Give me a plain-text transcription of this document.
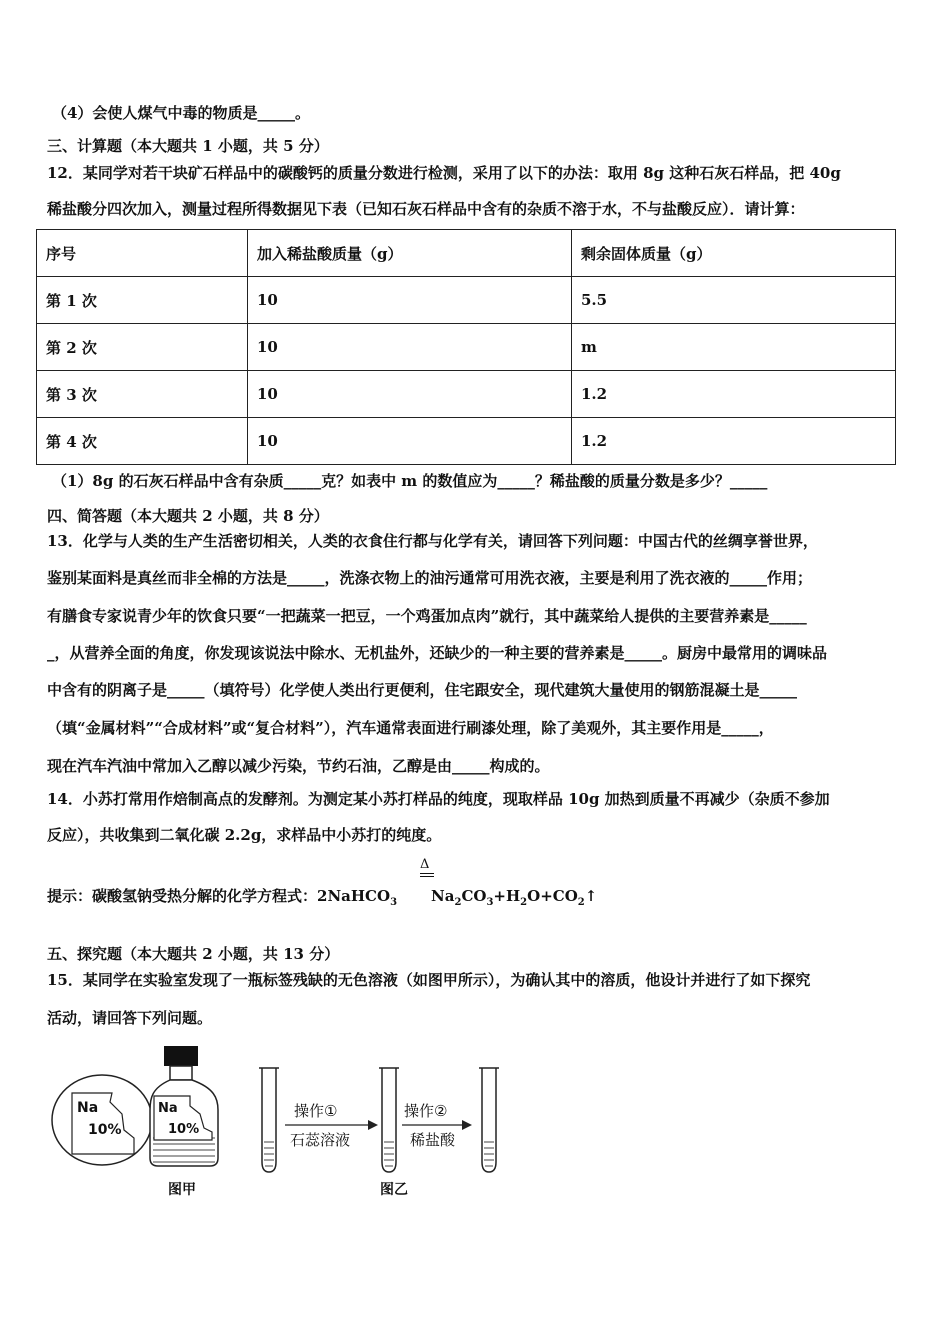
（4）会使人煤气中毒的物质是_____。
三、计算题（本大题共 1 小题，共 5 分）
12．某同学对若干块矿石样品中的碳酸钙的质量分数进行检测，采用了以下的办法：取用 8g 这种石灰石样品，把 40g
稀盐酸分四次加入，测量过程所得数据见下表（已知石灰石样品中含有的杂质不溶于水，不与盐酸反应）．请计算：
序号	加入稀盐酸质量（g）	剩余固体质量（g）
第 1 次	10	5.5
第 2 次	10	m
第 3 次	10	1.2
第 4 次	10	1.2
（1）8g 的石灰石样品中含有杂质_____克？如表中 m 的数值应为_____？稀盐酸的质量分数是多少？_____
四、简答题（本大题共 2 小题，共 8 分）
13．化学与人类的生产生活密切相关，人类的衣食住行都与化学有关，请回答下列问题：中国古代的丝绸享誉世界，
鉴别某面料是真丝而非全棉的方法是_____，洗涤衣物上的油污通常可用洗衣液，主要是利用了洗衣液的_____作用；
有膳食专家说青少年的饮食只要“一把蔬菜一把豆，一个鸡蛋加点肉”就行，其中蔬菜给人提供的主要营养素是_____
_，从营养全面的角度，你发现该说法中除水、无机盐外，还缺少的一种主要的营养素是_____。厨房中最常用的调味品
中含有的阴离子是_____（填符号）化学使人类出行更便利，住宅跟安全，现代建筑大量使用的钢筋混凝土是_____
（填“金属材料”“合成材料”或“复合材料”），汽车通常表面进行刷漆处理，除了美观外，其主要作用是_____，
现在汽车汽油中常加入乙醇以减少污染，节约石油，乙醇是由_____构成的。
14．小苏打常用作焙制高点的发酵剂。为测定某小苏打样品的纯度，现取样品 10g 加热到质量不再减少（杂质不参加
反应），共收集到二氧化碳 2.2g，求样品中小苏打的纯度。
Δ
提示：碳酸氢钠受热分解的化学方程式：2NaHCO$_3$ $Na_2CO_3+H_2O+CO_2↑$
五、探究题（本大题共 2 小题，共 13 分）
15．某同学在实验室发现了一瓶标签残缺的无色溶液（如图甲所示），为确认其中的溶质，他设计并进行了如下探究
活动，请回答下列问题。
Na
10%
Na
10%
图甲
操作①
石蕊溶液
图乙
操作②
稀盐酸
